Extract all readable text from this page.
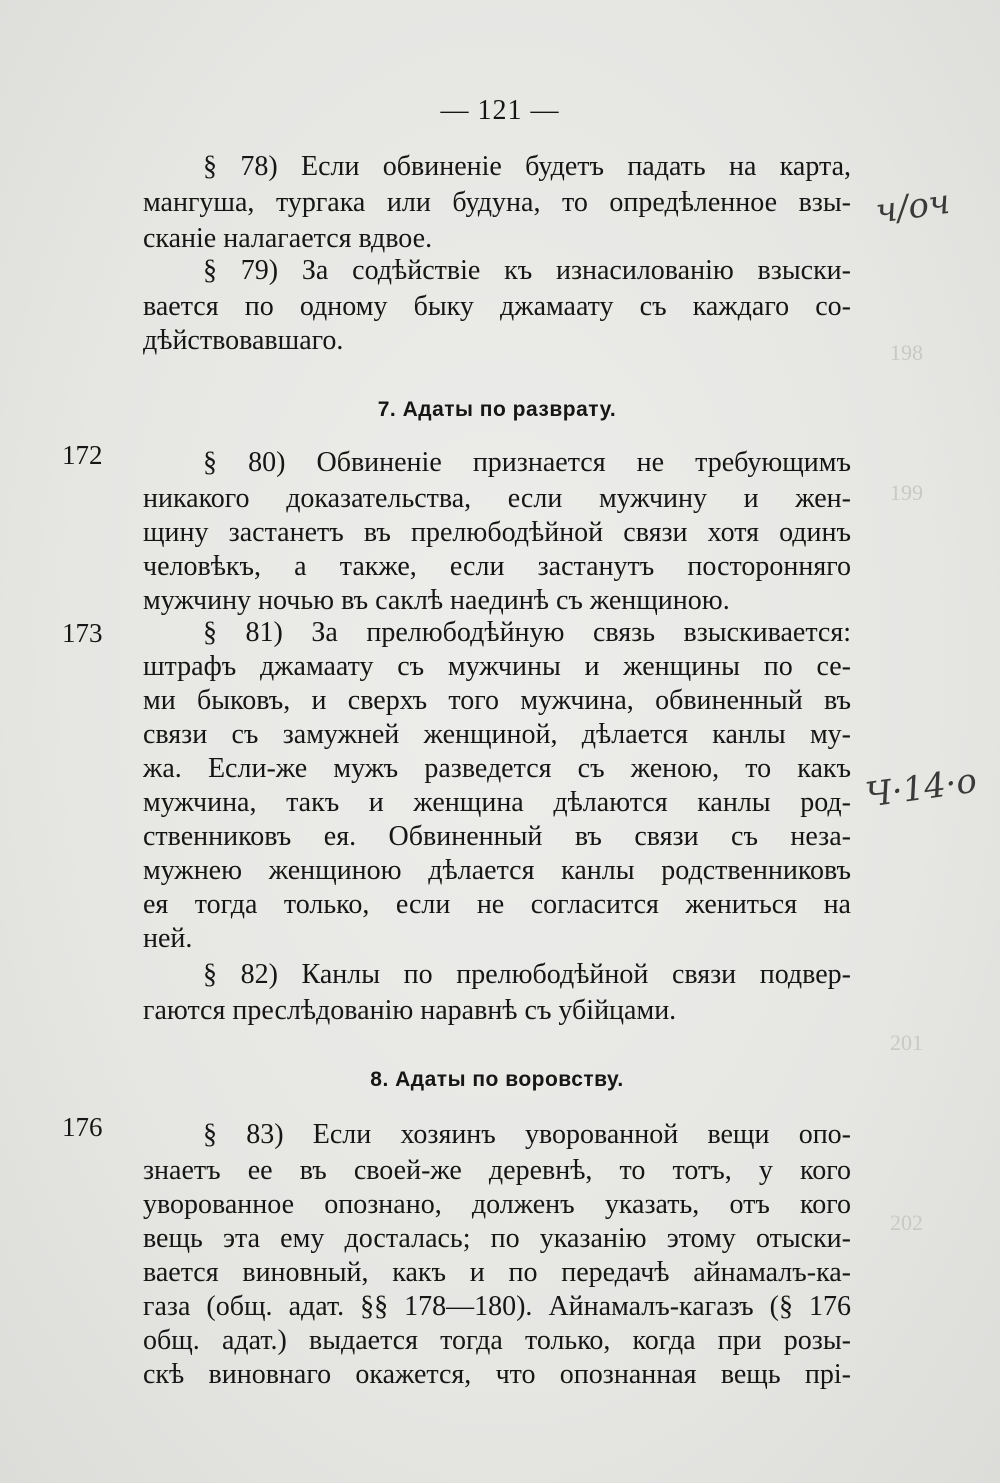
198
199
201
202
— 121 —
§ 78) Если обвиненіе будетъ падать на карта,
мангуша, тургака или будуна, то опредѣленное взы-
сканіе налагается вдвое.
§ 79) За содѣйствіе къ изнасилованію взыски-
вается по одному быку джамаату съ каждаго со-
дѣйствовавшаго.
7. Адаты по разврату.
172	§ 80) Обвиненіе признается не требующимъ
никакого доказательства, если мужчину и жен-
щину застанетъ въ прелюбодѣйной связи хотя одинъ
человѣкъ, а также, если застанутъ посторонняго
мужчину ночью въ саклѣ наединѣ съ женщиною.
173	§ 81) За прелюбодѣйную связь взыскивается:
штрафъ джамаату съ мужчины и женщины по се-
ми быковъ, и сверхъ того мужчина, обвиненный въ
связи съ замужней женщиной, дѣлается канлы му-
жа. Если-же мужъ разведется съ женою, то какъ
мужчина, такъ и женщина дѣлаются канлы род-
ственниковъ ея. Обвиненный въ связи съ неза-
мужнею женщиною дѣлается канлы родственниковъ
ея тогда только, если не согласится жениться на
ней.
§ 82) Канлы по прелюбодѣйной связи подвер-
гаются преслѣдованію наравнѣ съ убійцами.
8. Адаты по воровству.
176	§ 83) Если хозяинъ уворованной вещи опо-
знаетъ ее въ своей-же деревнѣ, то тотъ, у кого
уворованное опознано, долженъ указать, отъ кого
вещь эта ему досталась; по указанію этому отыски-
вается виновный, какъ и по передачѣ айнамалъ-ка-
газа (общ. адат. §§ 178—180). Айнамалъ-кагазъ (§ 176
общ. адат.) выдается тогда только, когда при розы-
скѣ виновнаго окажется, что опознанная вещь прі-
ч/оч
Ч·14·о
